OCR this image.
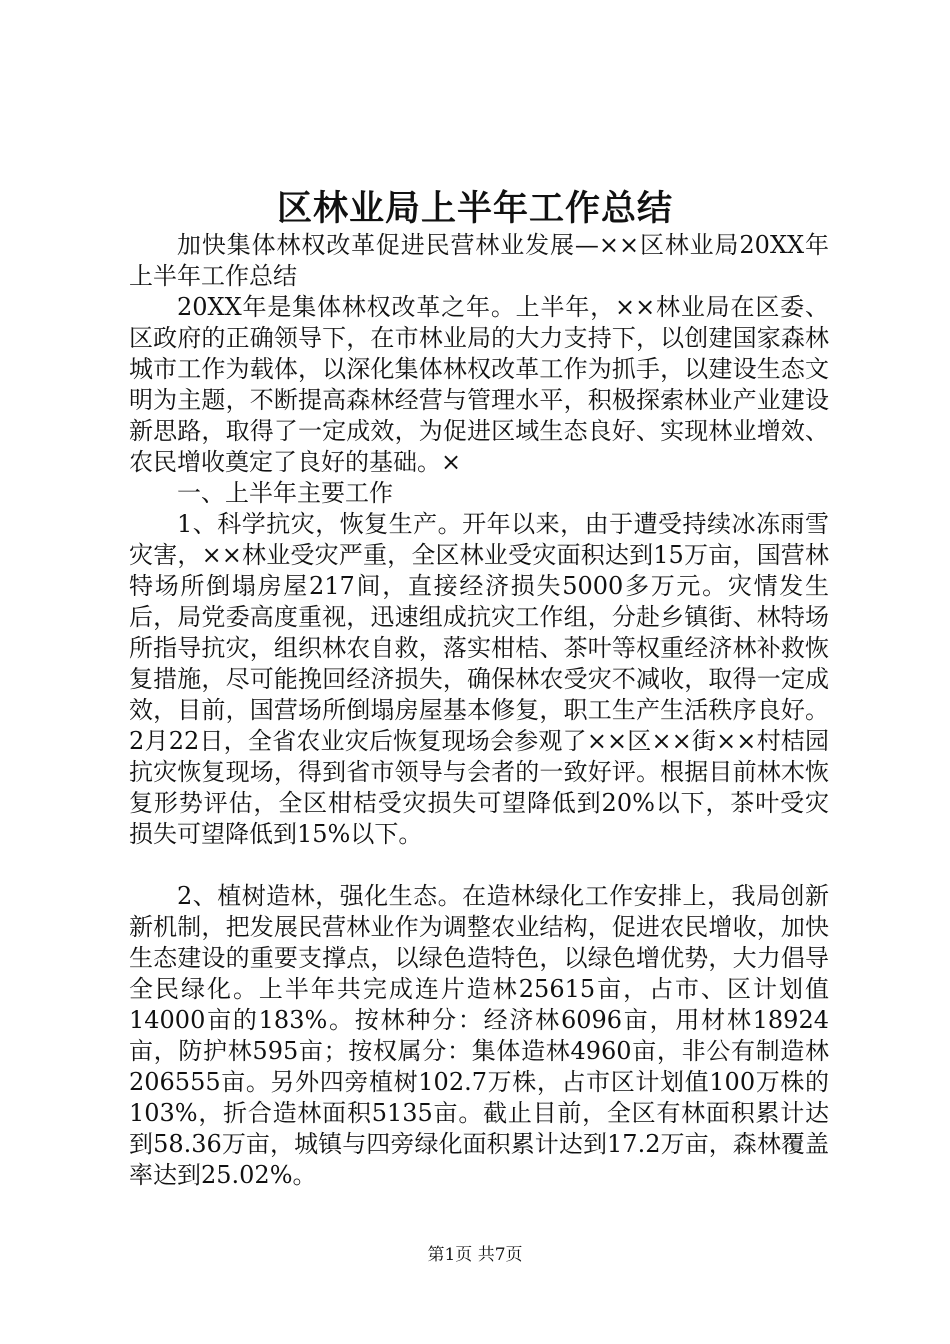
区林业局上半年工作总结

加快集体林权改革促进民营林业发展—××区林业局20XX年上半年工作总结

20XX年是集体林权改革之年。上半年，××林业局在区委、区政府的正确领导下，在市林业局的大力支持下，以创建国家森林城市工作为载体，以深化集体林权改革工作为抓手，以建设生态文明为主题，不断提高森林经营与管理水平，积极探索林业产业建设新思路，取得了一定成效，为促进区域生态良好、实现林业增效、农民增收奠定了良好的基础。×

一、上半年主要工作

1、科学抗灾，恢复生产。开年以来，由于遭受持续冰冻雨雪灾害，××林业受灾严重，全区林业受灾面积达到15万亩，国营林特场所倒塌房屋217间，直接经济损失5000多万元。灾情发生后，局党委高度重视，迅速组成抗灾工作组，分赴乡镇街、林特场所指导抗灾，组织林农自救，落实柑桔、茶叶等权重经济林补救恢复措施，尽可能挽回经济损失，确保林农受灾不减收，取得一定成效，目前，国营场所倒塌房屋基本修复，职工生产生活秩序良好。2月22日，全省农业灾后恢复现场会参观了××区××街××村桔园抗灾恢复现场，得到省市领导与会者的一致好评。根据目前林木恢复形势评估，全区柑桔受灾损失可望降低到20%以下，茶叶受灾损失可望降低到15%以下。

2、植树造林，强化生态。在造林绿化工作安排上，我局创新新机制，把发展民营林业作为调整农业结构，促进农民增收，加快生态建设的重要支撑点，以绿色造特色，以绿色增优势，大力倡导全民绿化。上半年共完成连片造林25615亩，占市、区计划值14000亩的183%。按林种分：经济林6096亩，用材林18924亩，防护林595亩；按权属分：集体造林4960亩，非公有制造林206555亩。另外四旁植树102.7万株，占市区计划值100万株的103%，折合造林面积5135亩。截止目前，全区有林面积累计达到58.36万亩，城镇与四旁绿化面积累计达到17.2万亩，森林覆盖率达到25.02%。

第1页 共7页
